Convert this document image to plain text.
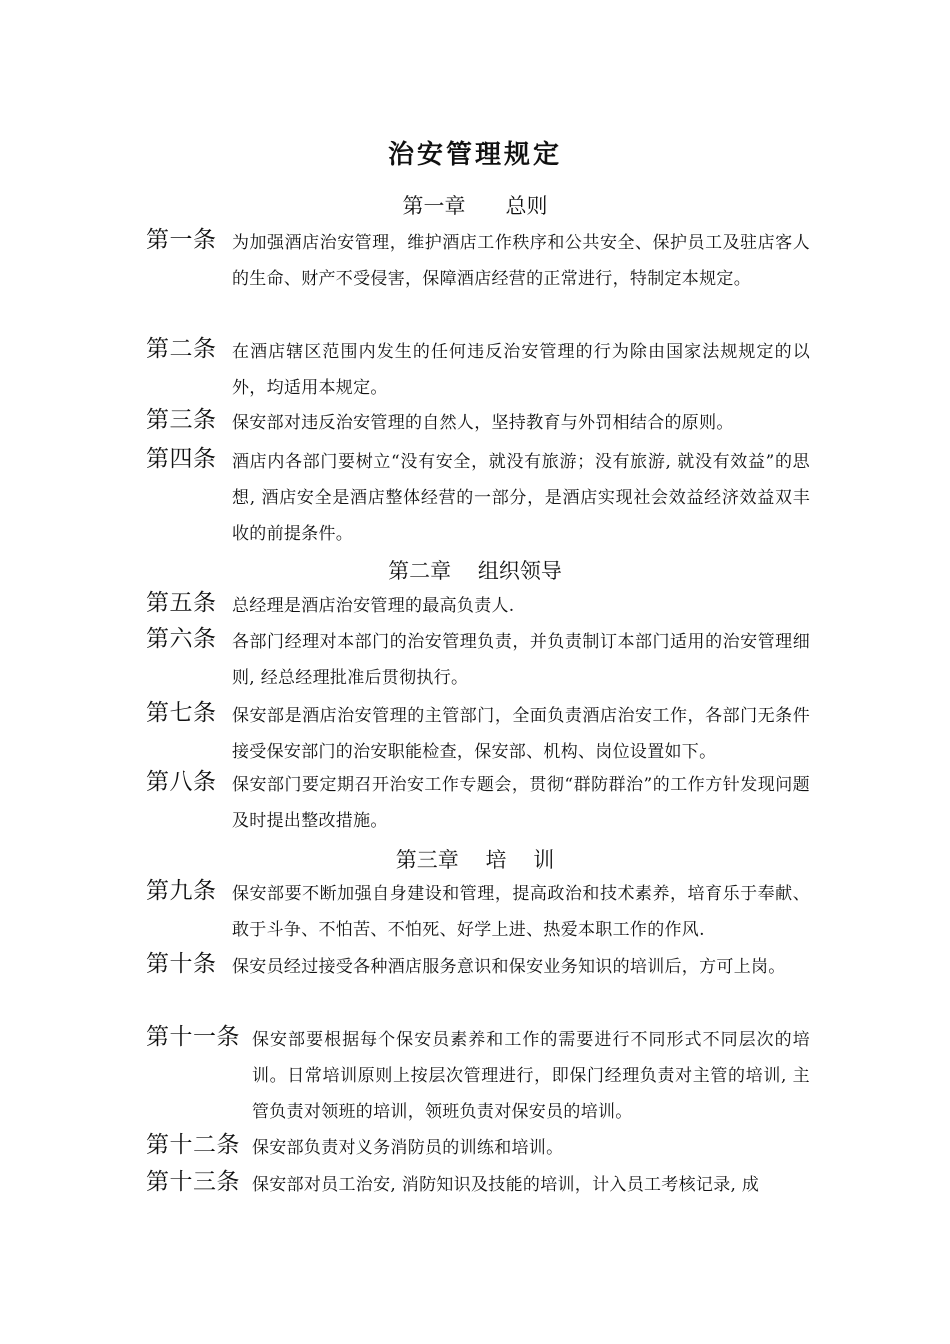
治安管理规定
第一章      总则
第一条 为加强酒店治安管理，维护酒店工作秩序和公共安全、保护员工及驻店客人的生命、财产不受侵害，保障酒店经营的正常进行，特制定本规定。
第二条 在酒店辖区范围内发生的任何违反治安管理的行为除由国家法规规定的以外，均适用本规定。
第三条 保安部对违反治安管理的自然人，坚持教育与外罚相结合的原则。
第四条 酒店内各部门要树立“没有安全，就没有旅游；没有旅游, 就没有效益”的思想, 酒店安全是酒店整体经营的一部分，是酒店实现社会效益经济效益双丰收的前提条件。
第二章    组织领导
第五条 总经理是酒店治安管理的最高负责人.
第六条 各部门经理对本部门的治安管理负责，并负责制订本部门适用的治安管理细则, 经总经理批准后贯彻执行。
第七条 保安部是酒店治安管理的主管部门，全面负责酒店治安工作，各部门无条件接受保安部门的治安职能检查，保安部、机构、岗位设置如下。
第八条 保安部门要定期召开治安工作专题会，贯彻“群防群治”的工作方针发现问题及时提出整改措施。
第三章    培    训
第九条 保安部要不断加强自身建设和管理，提高政治和技术素养，培育乐于奉献、敢于斗争、不怕苦、不怕死、好学上进、热爱本职工作的作风.
第十条 保安员经过接受各种酒店服务意识和保安业务知识的培训后，方可上岗。
第十一条 保安部要根据每个保安员素养和工作的需要进行不同形式不同层次的培训。日常培训原则上按层次管理进行，即保门经理负责对主管的培训, 主管负责对领班的培训，领班负责对保安员的培训。
第十二条 保安部负责对义务消防员的训练和培训。
第十三条 保安部对员工治安, 消防知识及技能的培训，计入员工考核记录, 成
